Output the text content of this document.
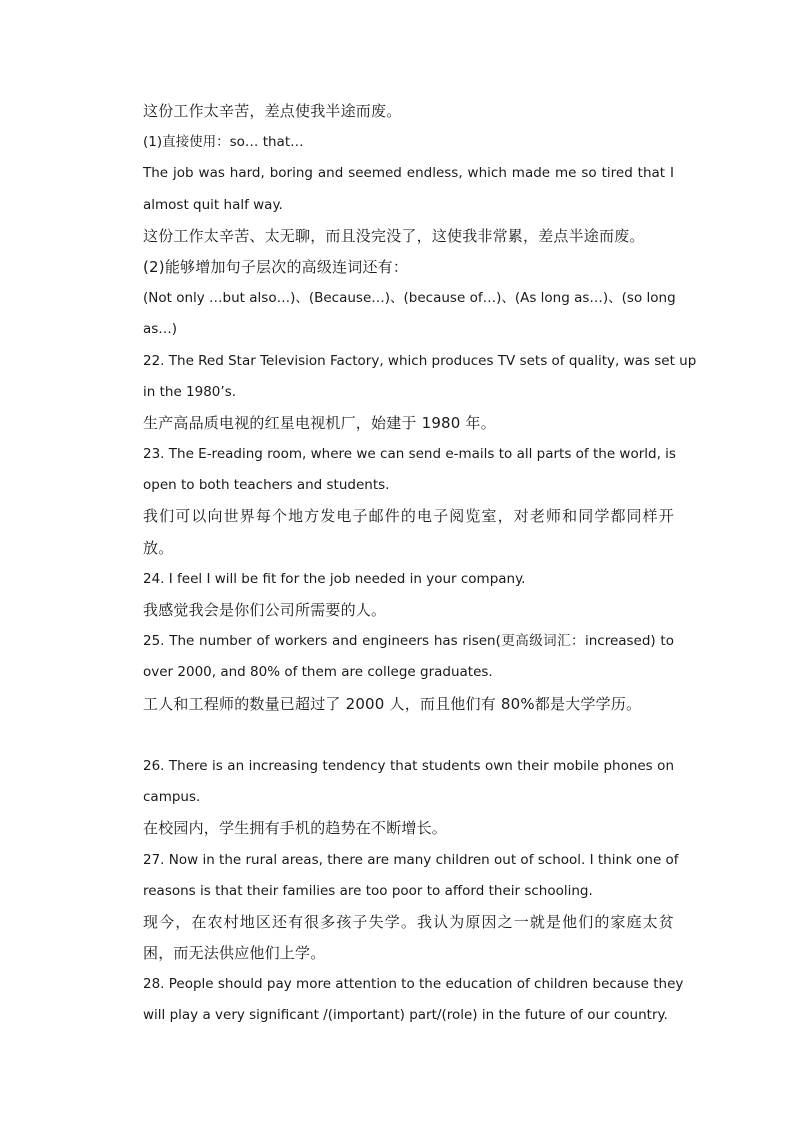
这份工作太辛苦，差点使我半途而废。
(1)直接使用：so… that…
The job was hard, boring and seemed endless, which made me so tired that I
almost quit half way.
这份工作太辛苦、太无聊，而且没完没了，这使我非常累，差点半途而废。
(2)能够增加句子层次的高级连词还有：
(Not only …but also…)、(Because…)、(because of…)、(As long as…)、(so long
as…)
22. The Red Star Television Factory, which produces TV sets of quality, was set up
in the 1980’s.
生产高品质电视的红星电视机厂，始建于 1980 年。
23. The E-reading room, where we can send e-mails to all parts of the world, is
open to both teachers and students.
我们可以向世界每个地方发电子邮件的电子阅览室，对老师和同学都同样开
放。
24. I feel I will be fit for the job needed in your company.
我感觉我会是你们公司所需要的人。
25. The number of workers and engineers has risen(更高级词汇：increased) to
over 2000, and 80% of them are college graduates.
工人和工程师的数量已超过了 2000 人，而且他们有 80%都是大学学历。
26. There is an increasing tendency that students own their mobile phones on
campus.
在校园内，学生拥有手机的趋势在不断增长。
27. Now in the rural areas, there are many children out of school. I think one of
reasons is that their families are too poor to afford their schooling.
现今，在农村地区还有很多孩子失学。我认为原因之一就是他们的家庭太贫
困，而无法供应他们上学。
28. People should pay more attention to the education of children because they
will play a very significant /(important) part/(role) in the future of our country.
